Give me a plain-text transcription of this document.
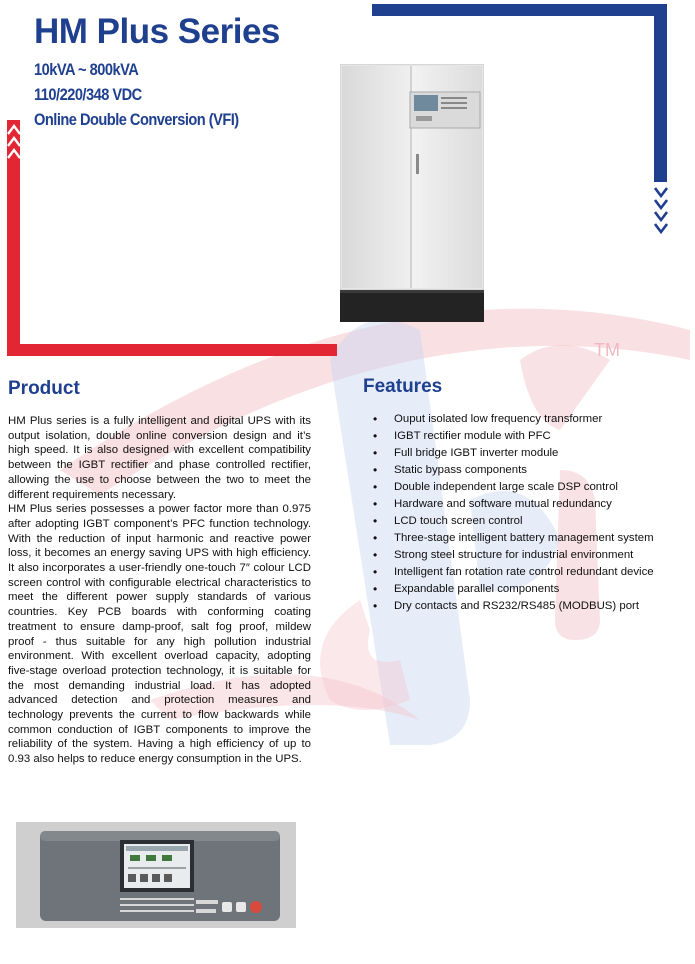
TM
HM Plus Series
10kVA ~ 800kVA
110/220/348 VDC
Online Double Conversion (VFI)
Product

HM Plus series is a fully intelligent and digital UPS with its output isolation, double online conversion design and it’s high speed. It is also designed with excellent compatibility between the IGBT rectifier and phase controlled rectifier, allowing the use to choose between the two to meet the different requirements necessary.

HM Plus series possesses a power factor more than 0.975 after adopting IGBT component’s PFC function technology. With the reduction of input harmonic and reactive power loss, it becomes an energy saving UPS with high efficiency. It also incorporates a user-friendly one-touch 7″ colour LCD screen control with configurable electrical characteristics to meet the different power supply standards of various countries. Key PCB boards with conforming coating treatment to ensure damp-proof, salt fog proof, mildew proof - thus suitable for any high pollution industrial environment. With excellent overload capacity, adopting five-stage overload protection technology, it is suitable for the most demanding industrial load. It has adopted advanced detection and protection measures and technology prevents the current to flow backwards while common conduction of IGBT components to improve the reliability of the system. Having a high efficiency of up to 0.93 also helps to reduce energy consumption in the UPS.

Features
• Ouput isolated low frequency transformer
• IGBT rectifier module with PFC
• Full bridge IGBT inverter module
• Static bypass components
• Double independent large scale DSP control
• Hardware and software mutual redundancy
• LCD touch screen control
• Three-stage intelligent battery management system
• Strong steel structure for industrial environment
• Intelligent fan rotation rate control redundant device
• Expandable parallel components
• Dry contacts and RS232/RS485 (MODBUS) port
